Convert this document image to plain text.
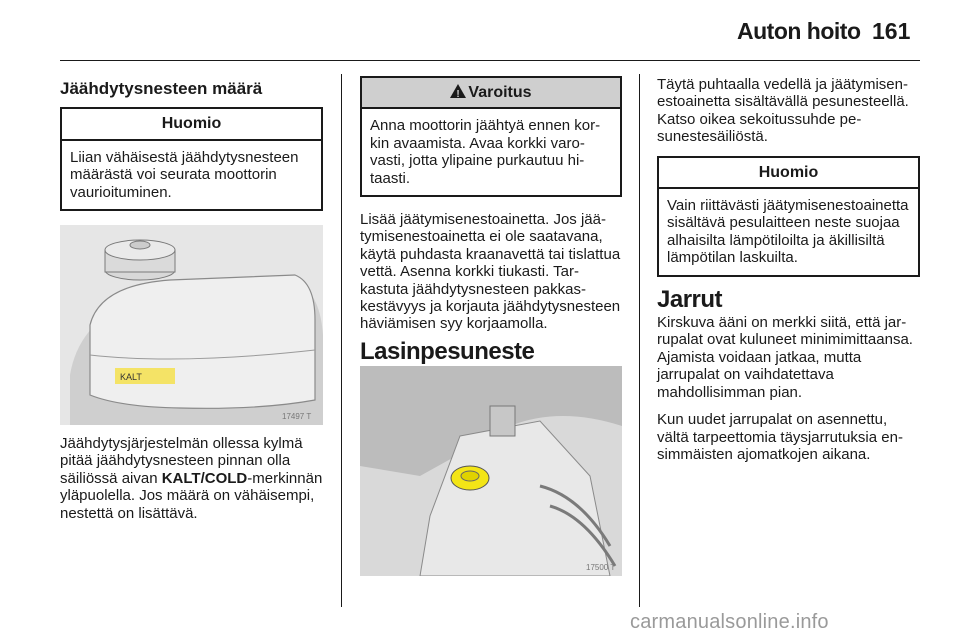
Auton hoito 161
Jäähdytysnesteen määrä
Huomio
Liian vähäisestä jäähdytysnesteen määrästä voi seurata moottorin vaurioituminen.
KALT
17497 T

Jäähdytysjärjestelmän ollessa kylmä pitää jäähdytysnesteen pinnan olla säiliössä aivan KALT/COLD-merkinnän yläpuolella. Jos määrä on vähäisempi, nestettä on lisättävä.

!Varoitus
Anna moottorin jäähtyä ennen korkin avaamista. Avaa korkki varovasti, jotta ylipaine purkautuu hitaasti.

Lisää jäätymisenestoainetta. Jos jäätymisenestoainetta ei ole saatavana, käytä puhdasta kraanavettä tai tislattua vettä. Asenna korkki tiukasti. Tarkastuta jäähdytysnesteen pakkaskestävyys ja korjauta jäähdytysnesteen häviämisen syy korjaamolla.

Lasinpesuneste
17500 T

Täytä puhtaalla vedellä ja jäätymisenestoainetta sisältävällä pesunesteellä. Katso oikea sekoitussuhde pesunestesäiliöstä.

Huomio
Vain riittävästi jäätymisenestoainetta sisältävä pesulaitteen neste suojaa alhaisilta lämpötiloilta ja äkillisiltä lämpötilan laskuilta.
Jarrut

Kirskuva ääni on merkki siitä, että jarrupalat ovat kuluneet minimimittaansa. Ajamista voidaan jatkaa, mutta jarrupalat on vaihdatettava mahdollisimman pian.

Kun uudet jarrupalat on asennettu, vältä tarpeettomia täysjarrutuksia ensimmäisten ajomatkojen aikana.

carmanualsonline.info
